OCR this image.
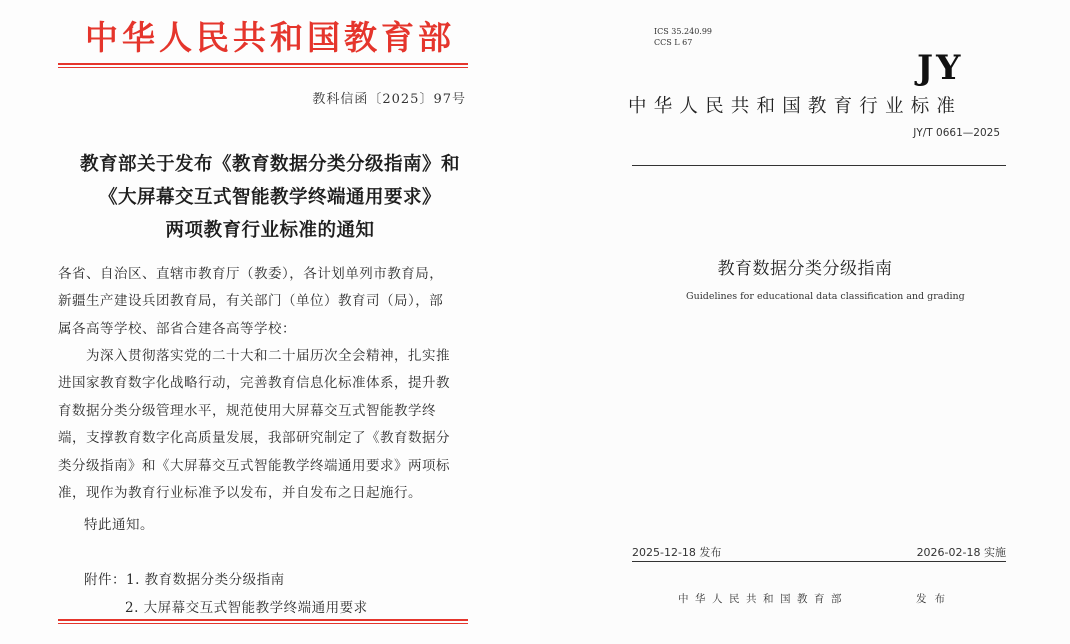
中华人民共和国教育部
教科信函〔2025〕97号
教育部关于发布《教育数据分类分级指南》和
《大屏幕交互式智能教学终端通用要求》
两项教育行业标准的通知
各省、自治区、直辖市教育厅（教委），各计划单列市教育局，
新疆生产建设兵团教育局，有关部门（单位）教育司（局），部
属各高等学校、部省合建各高等学校：
　　为深入贯彻落实党的二十大和二十届历次全会精神，扎实推
进国家教育数字化战略行动，完善教育信息化标准体系，提升教
育数据分类分级管理水平，规范使用大屏幕交互式智能教学终
端，支撑教育数字化高质量发展，我部研究制定了《教育数据分
类分级指南》和《大屏幕交互式智能教学终端通用要求》两项标
准，现作为教育行业标准予以发布，并自发布之日起施行。
特此通知。
附件：1. 教育数据分类分级指南
2. 大屏幕交互式智能教学终端通用要求
ICS 35.240.99
CCS L 67
JY
中华人民共和国教育行业标准
JY/T 0661—2025
教育数据分类分级指南
Guidelines for educational data classification and grading
2025-12-18 发布	2026-02-18 实施
中华人民共和国教育部	发布
